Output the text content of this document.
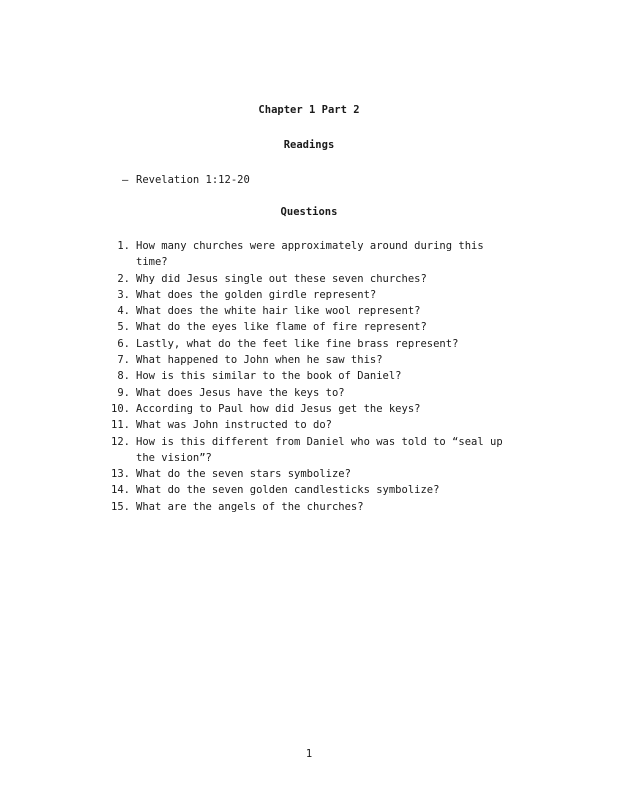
Chapter 1 Part 2
Readings
– Revelation 1:12-20
Questions
1. How many churches were approximately around during this time?
2. Why did Jesus single out these seven churches?
3. What does the golden girdle represent?
4. What does the white hair like wool represent?
5. What do the eyes like flame of fire represent?
6. Lastly, what do the feet like fine brass represent?
7. What happened to John when he saw this?
8. How is this similar to the book of Daniel?
9. What does Jesus have the keys to?
10. According to Paul how did Jesus get the keys?
11. What was John instructed to do?
12. How is this different from Daniel who was told to “seal up the vision”?
13. What do the seven stars symbolize?
14. What do the seven golden candlesticks symbolize?
15. What are the angels of the churches?
1
